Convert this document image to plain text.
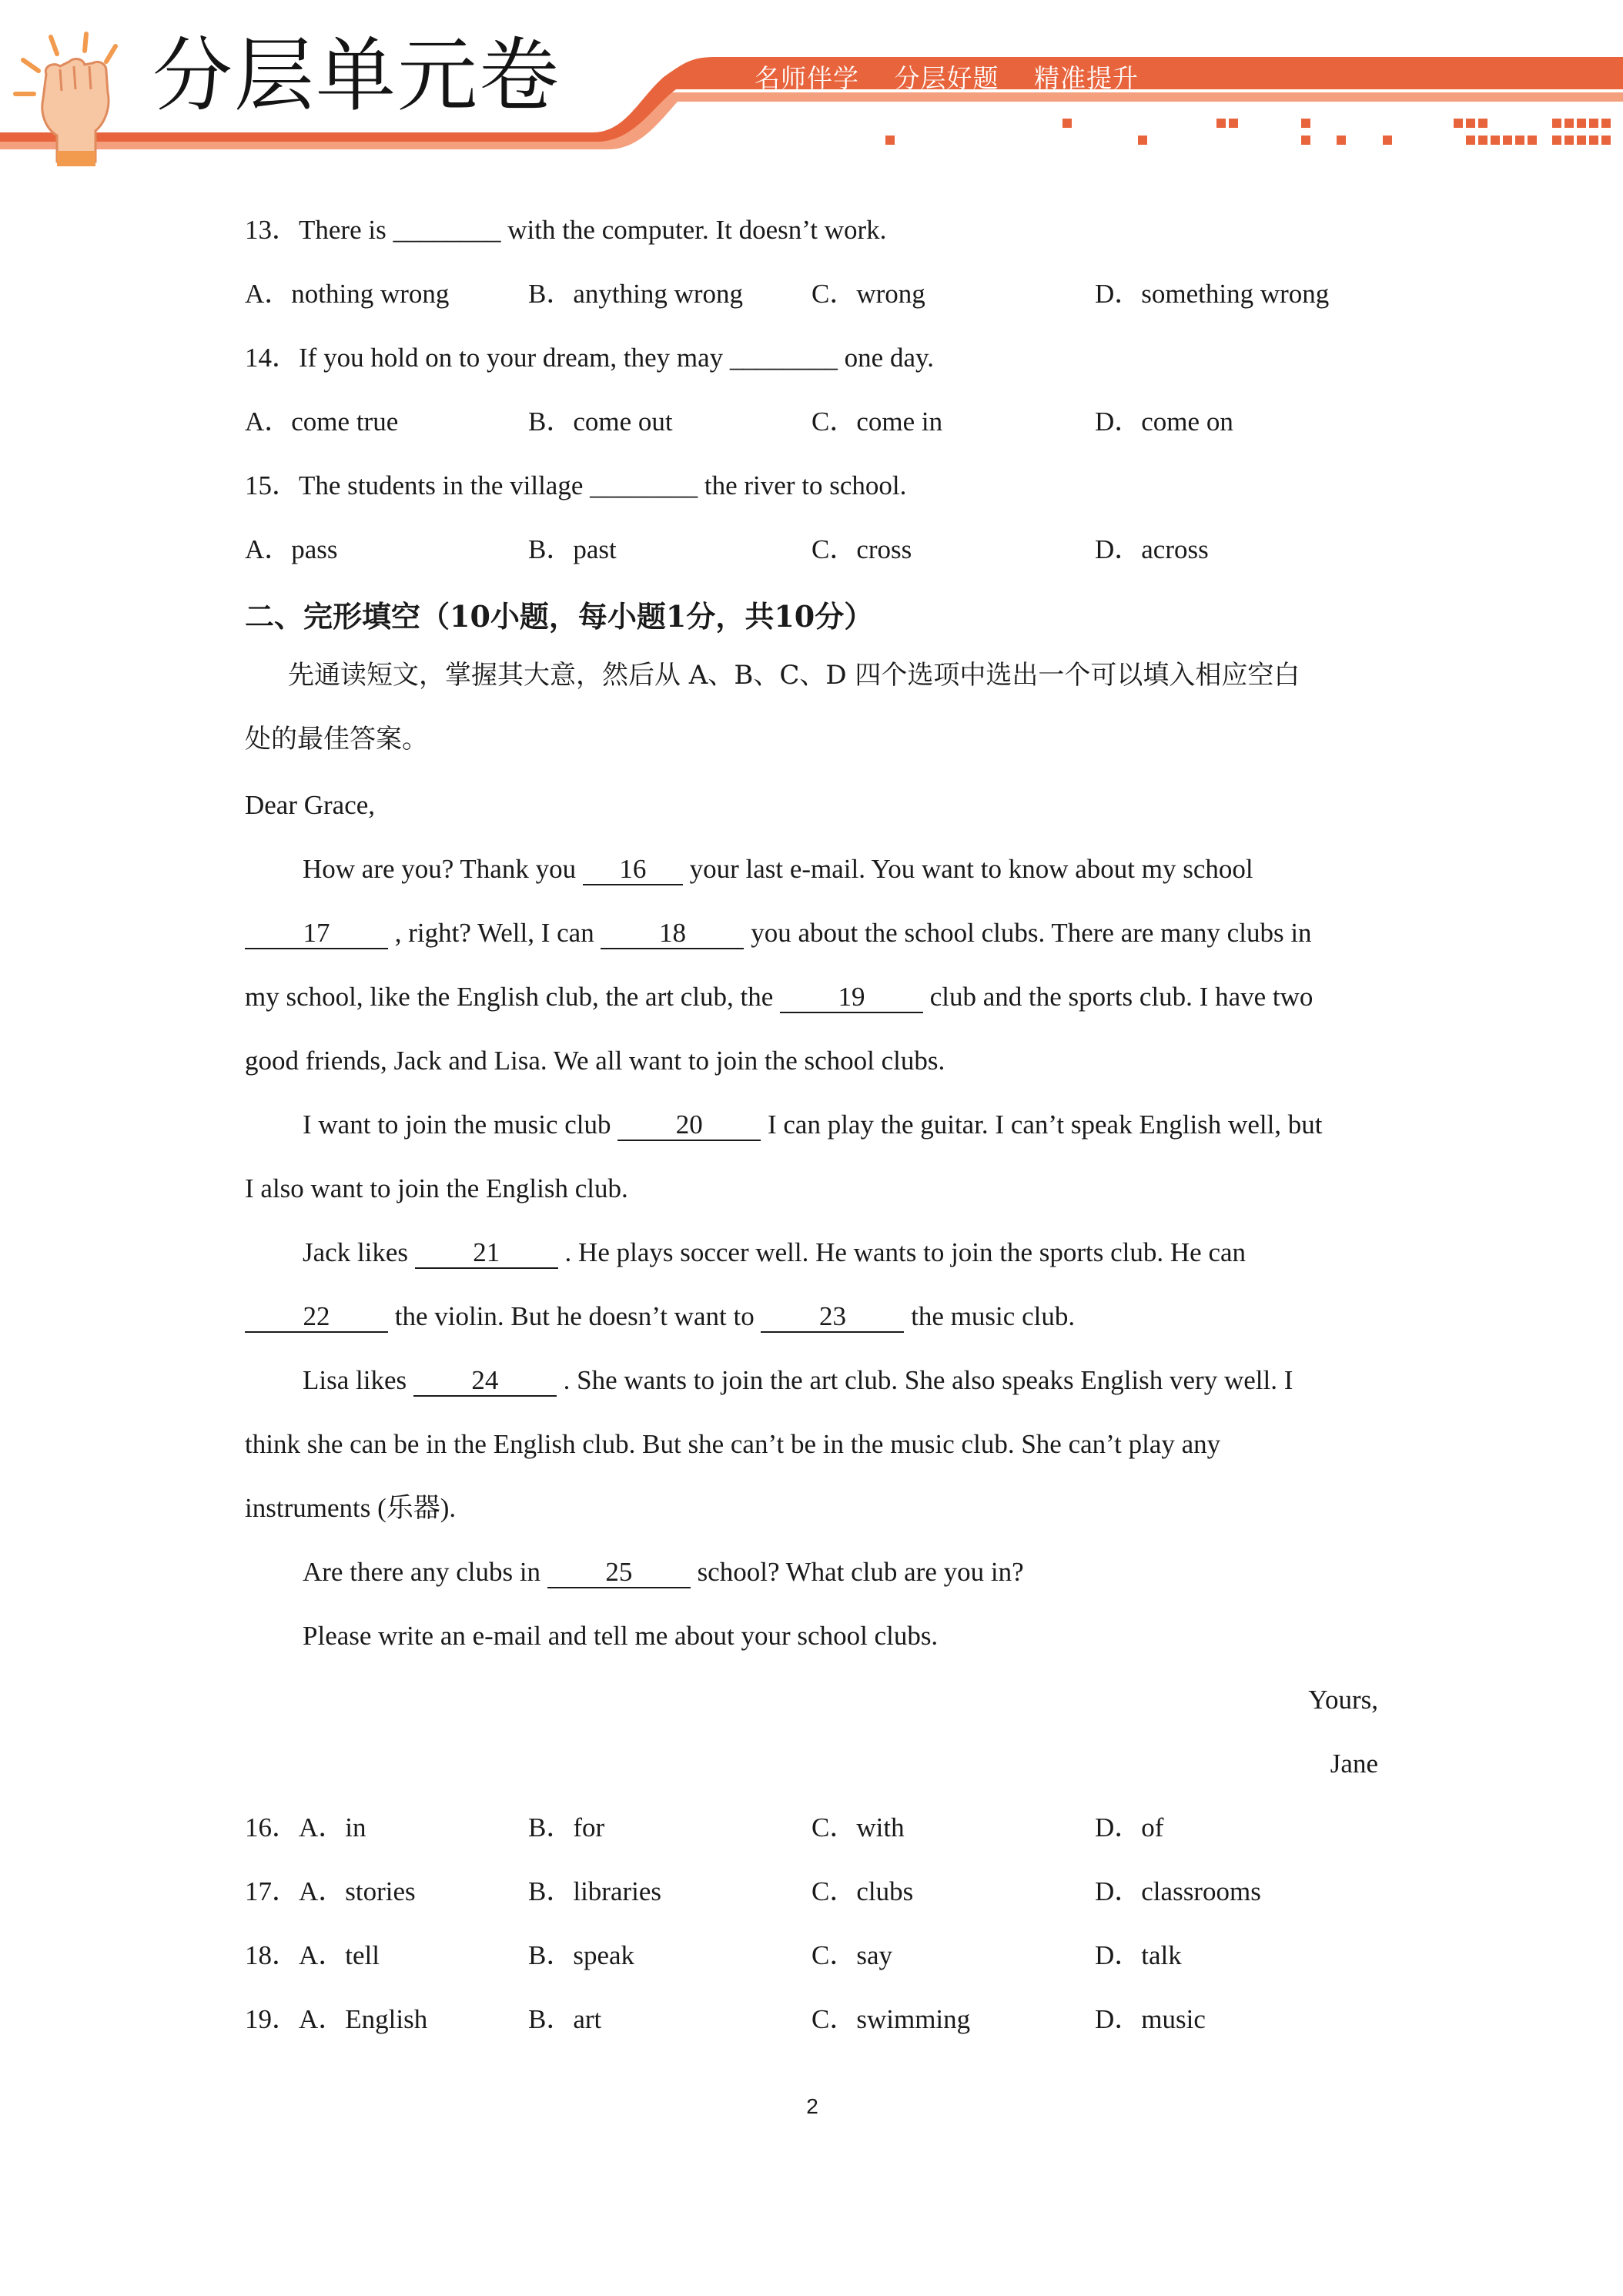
分层单元卷	名师伴学 分层好题 精准提升
13．There is ________ with the computer. It doesn’t work.
A．nothing wrong	B．anything wrong	C．wrong	D．something wrong
14．If you hold on to your dream, they may ________ one day.
A．come true	B．come out	C．come in	D．come on
15．The students in the village ________ the river to school.
A．pass	B．past	C．cross	D．across
二、完形填空（10小题，每小题1分，共10分）
先通读短文，掌握其大意，然后从 A、B、C、D 四个选项中选出一个可以填入相应空白
处的最佳答案。
Dear Grace,
How are you? Thank you 16 your last e-mail. You want to know about my school
17 , right? Well, I can 18 you about the school clubs. There are many clubs in
my school, like the English club, the art club, the 19 club and the sports club. I have two
good friends, Jack and Lisa. We all want to join the school clubs.
I want to join the music club 20 I can play the guitar. I can’t speak English well, but
I also want to join the English club.
Jack likes 21 . He plays soccer well. He wants to join the sports club. He can
22 the violin. But he doesn’t want to 23 the music club.
Lisa likes 24 . She wants to join the art club. She also speaks English very well. I
think she can be in the English club. But she can’t be in the music club. She can’t play any
instruments (乐器).
Are there any clubs in 25 school? What club are you in?
Please write an e-mail and tell me about your school clubs.
Yours,
Jane
16．A．in	B．for	C．with	D．of
17．A．stories	B．libraries	C．clubs	D．classrooms
18．A．tell	B．speak	C．say	D．talk
19．A．English	B．art	C．swimming	D．music
2
